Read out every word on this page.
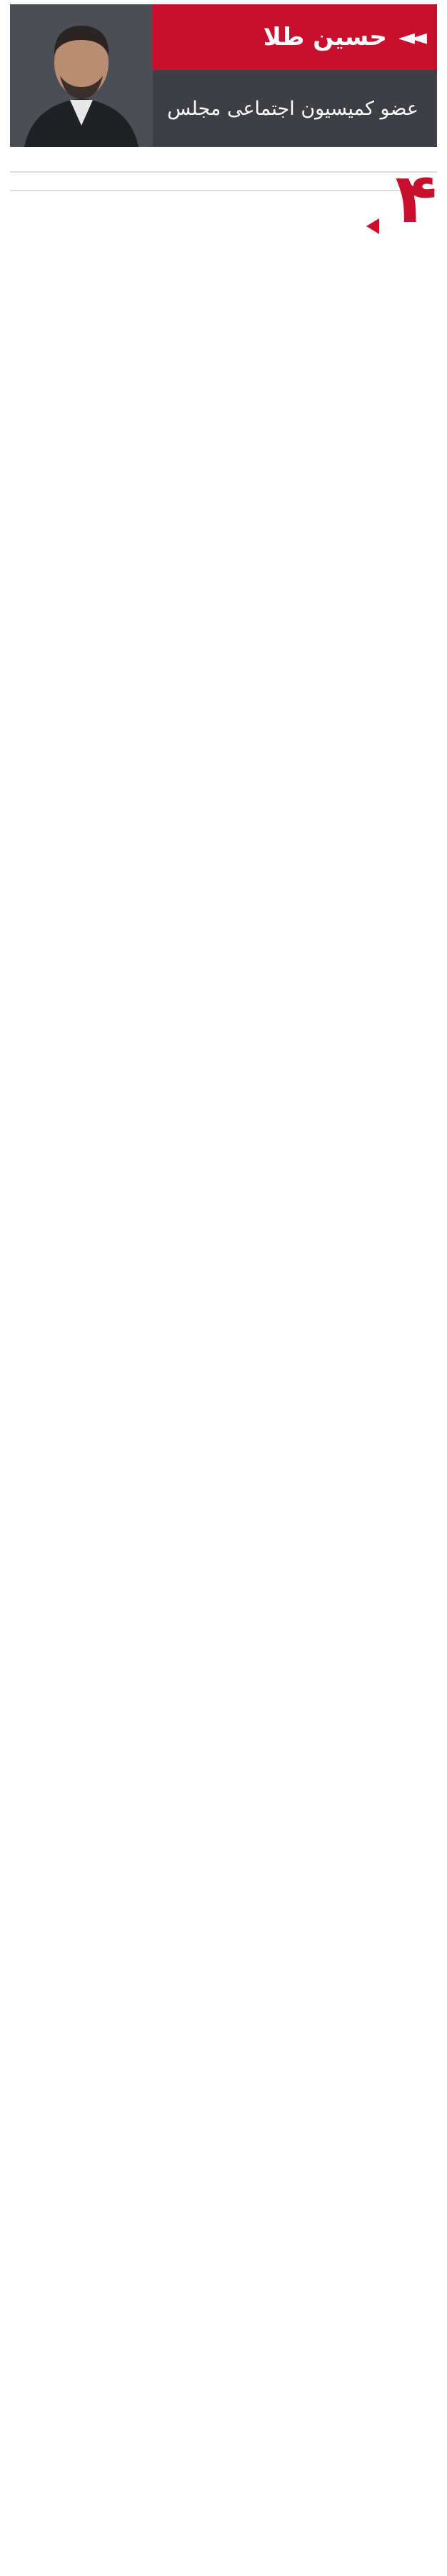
◄◄
حسین طلا
عضو کمیسیون اجتماعی مجلس
۴
